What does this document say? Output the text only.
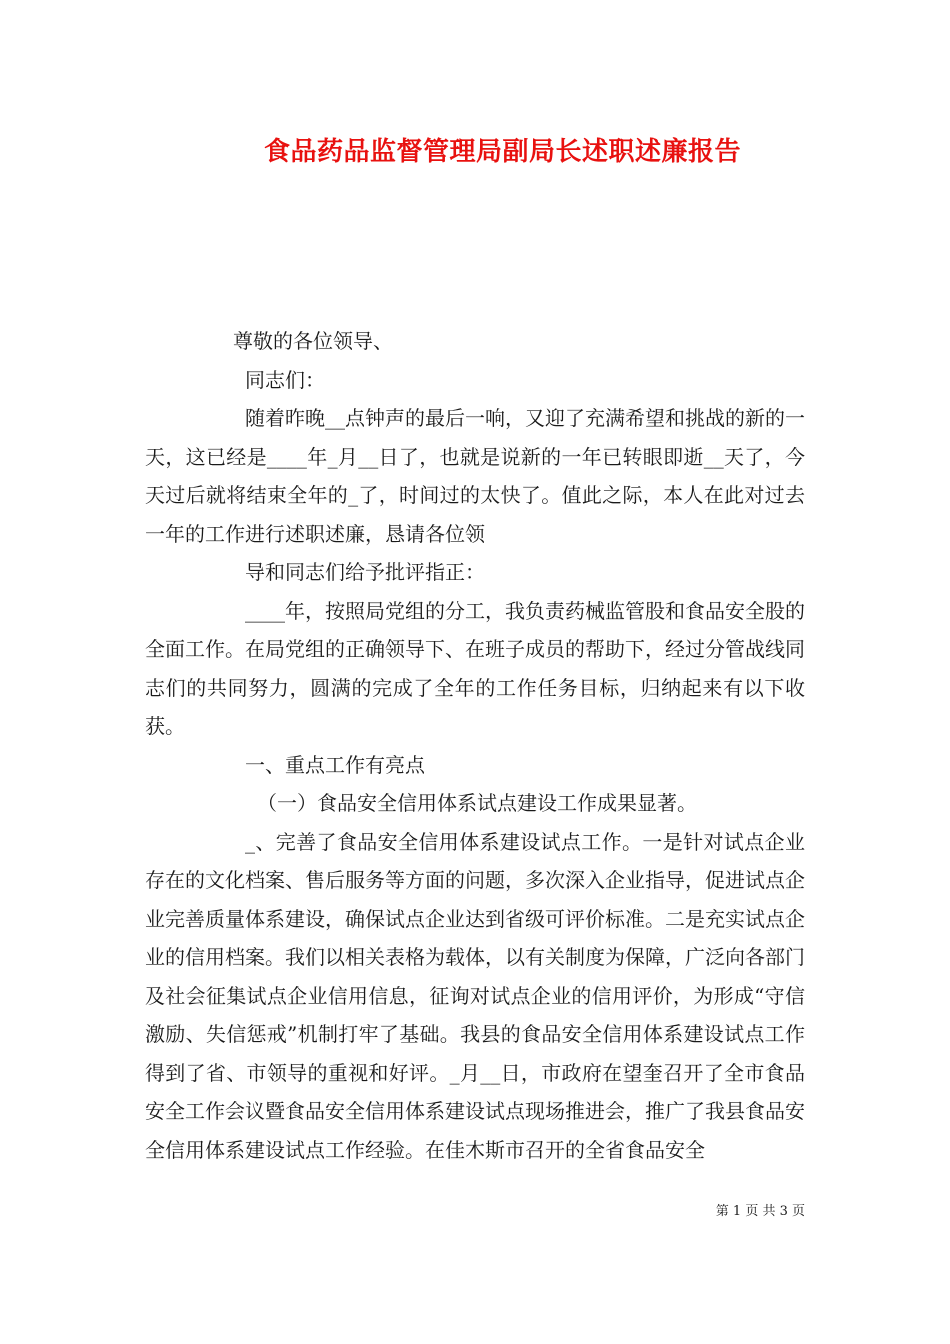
食品药品监督管理局副局长述职述廉报告

尊敬的各位领导、

同志们：

随着昨晚__点钟声的最后一响，又迎了充满希望和挑战的新的一天，这已经是____年_月__日了，也就是说新的一年已转眼即逝__天了，今天过后就将结束全年的_了，时间过的太快了。值此之际，本人在此对过去一年的工作进行述职述廉，恳请各位领

导和同志们给予批评指正：

____年，按照局党组的分工，我负责药械监管股和食品安全股的全面工作。在局党组的正确领导下、在班子成员的帮助下，经过分管战线同志们的共同努力，圆满的完成了全年的工作任务目标，归纳起来有以下收获。

一、重点工作有亮点

（一）食品安全信用体系试点建设工作成果显著。

_、完善了食品安全信用体系建设试点工作。一是针对试点企业存在的文化档案、售后服务等方面的问题，多次深入企业指导，促进试点企业完善质量体系建设，确保试点企业达到省级可评价标准。二是充实试点企业的信用档案。我们以相关表格为载体，以有关制度为保障，广泛向各部门及社会征集试点企业信用信息，征询对试点企业的信用评价，为形成“守信激励、失信惩戒”机制打牢了基础。我县的食品安全信用体系建设试点工作得到了省、市领导的重视和好评。_月__日，市政府在望奎召开了全市食品安全工作会议暨食品安全信用体系建设试点现场推进会，推广了我县食品安全信用体系建设试点工作经验。在佳木斯市召开的全省食品安全

第 1 页 共 3 页
